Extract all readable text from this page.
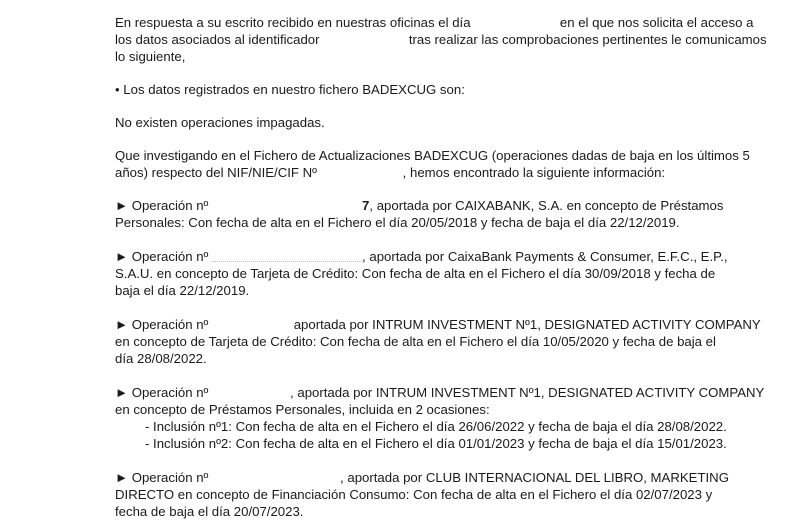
En respuesta a su escrito recibido en nuestras oficinas el día	en el que nos solicita el acceso a
los datos asociados al identificador	tras realizar las comprobaciones pertinentes le comunicamos
lo siguiente,

• Los datos registrados en nuestro fichero BADEXCUG son:

No existen operaciones impagadas.

Que investigando en el Fichero de Actualizaciones BADEXCUG (operaciones dadas de baja en los últimos 5
años) respecto del NIF/NIE/CIF Nº	, hemos encontrado la siguiente información:

► Operación nº	7, aportada por CAIXABANK, S.A. en concepto de Préstamos
Personales: Con fecha de alta en el Fichero el día 20/05/2018 y fecha de baja el día 22/12/2019.

► Operación nº	, aportada por CaixaBank Payments & Consumer, E.F.C., E.P.,
S.A.U. en concepto de Tarjeta de Crédito: Con fecha de alta en el Fichero el día 30/09/2018 y fecha de
baja el día 22/12/2019.

► Operación nº	aportada por INTRUM INVESTMENT Nº1, DESIGNATED ACTIVITY COMPANY
en concepto de Tarjeta de Crédito: Con fecha de alta en el Fichero el día 10/05/2020 y fecha de baja el
día 28/08/2022.

► Operación nº	, aportada por INTRUM INVESTMENT Nº1, DESIGNATED ACTIVITY COMPANY
en concepto de Préstamos Personales, incluida en 2 ocasiones:
- Inclusión nº1: Con fecha de alta en el Fichero el día 26/06/2022 y fecha de baja el día 28/08/2022.
- Inclusión nº2: Con fecha de alta en el Fichero el día 01/01/2023 y fecha de baja el día 15/01/2023.

► Operación nº	, aportada por CLUB INTERNACIONAL DEL LIBRO, MARKETING
DIRECTO en concepto de Financiación Consumo: Con fecha de alta en el Fichero el día 02/07/2023 y
fecha de baja el día 20/07/2023.
